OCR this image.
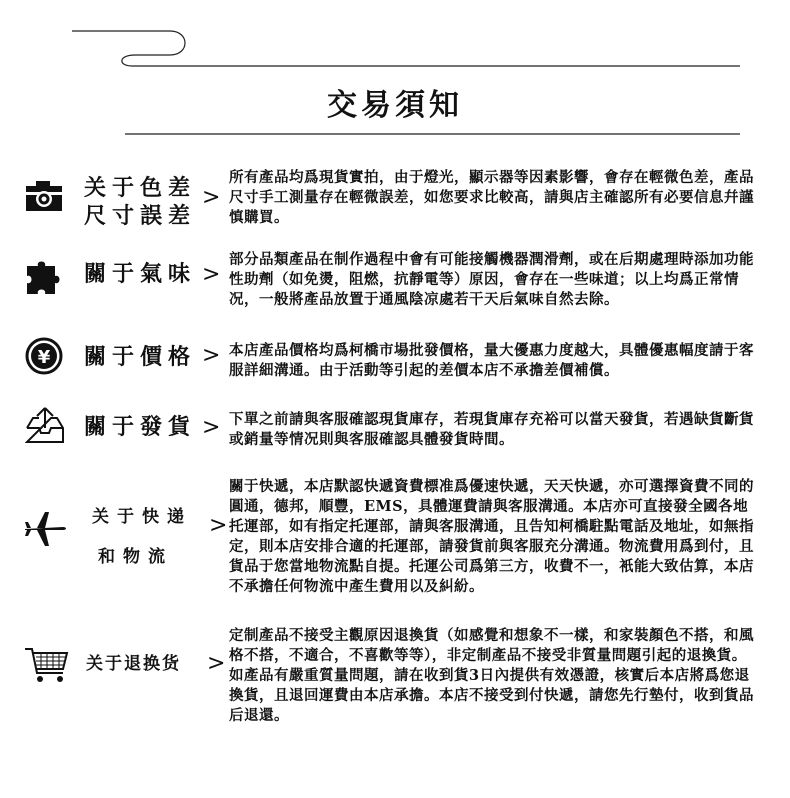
交易須知
关于色差
尺寸誤差
>
所有產品均爲現貨實拍，由于燈光，顯示器等因素影響，會存在輕微色差，產品尺寸手工測量存在輕微誤差，如您要求比較高，請與店主確認所有必要信息幷謹慎購買。
關于氣味 >
部分品類產品在制作過程中會有可能接觸機器潤滑劑，或在后期處理時添加功能性助劑（如免燙，阻燃，抗靜電等）原因，會存在一些味道；以上均爲正常情况，一般將產品放置于通風陰凉處若干天后氣味自然去除。
¥ 關于價格 > 本店產品價格均爲柯橋市場批發價格，量大優惠力度越大，具體優惠幅度請于客服詳細溝通。由于活動等引起的差價本店不承擔差價補償。
關于發貨 > 下單之前請與客服確認現貨庫存，若現貨庫存充裕可以當天發貨，若遇缺貨斷貨或銷量等情况則與客服確認具體發貨時間。
关于快递
和物流
>
關于快遞，本店默認快遞資費標准爲優速快遞，天天快遞，亦可選擇資費不同的圓通，德邦，順豐，EMS，具體運費請與客服溝通。本店亦可直接發全國各地托運部，如有指定托運部，請與客服溝通，且告知柯橋駐點電話及地址，如無指定，則本店安排合適的托運部，請發貨前與客服充分溝通。物流費用爲到付，且貨品于您當地物流點自提。托運公司爲第三方，收費不一，衹能大致估算，本店不承擔任何物流中產生費用以及糾紛。
关于退换货 >
定制產品不接受主觀原因退換貨（如感覺和想象不一樣，和家裝顏色不搭，和風格不搭，不適合，不喜歡等等），非定制產品不接受非質量問題引起的退換貨。如產品有嚴重質量問題，請在收到貨3日內提供有效憑證，核實后本店將爲您退換貨，且退回運費由本店承擔。本店不接受到付快遞，請您先行墊付，收到貨品后退還。
